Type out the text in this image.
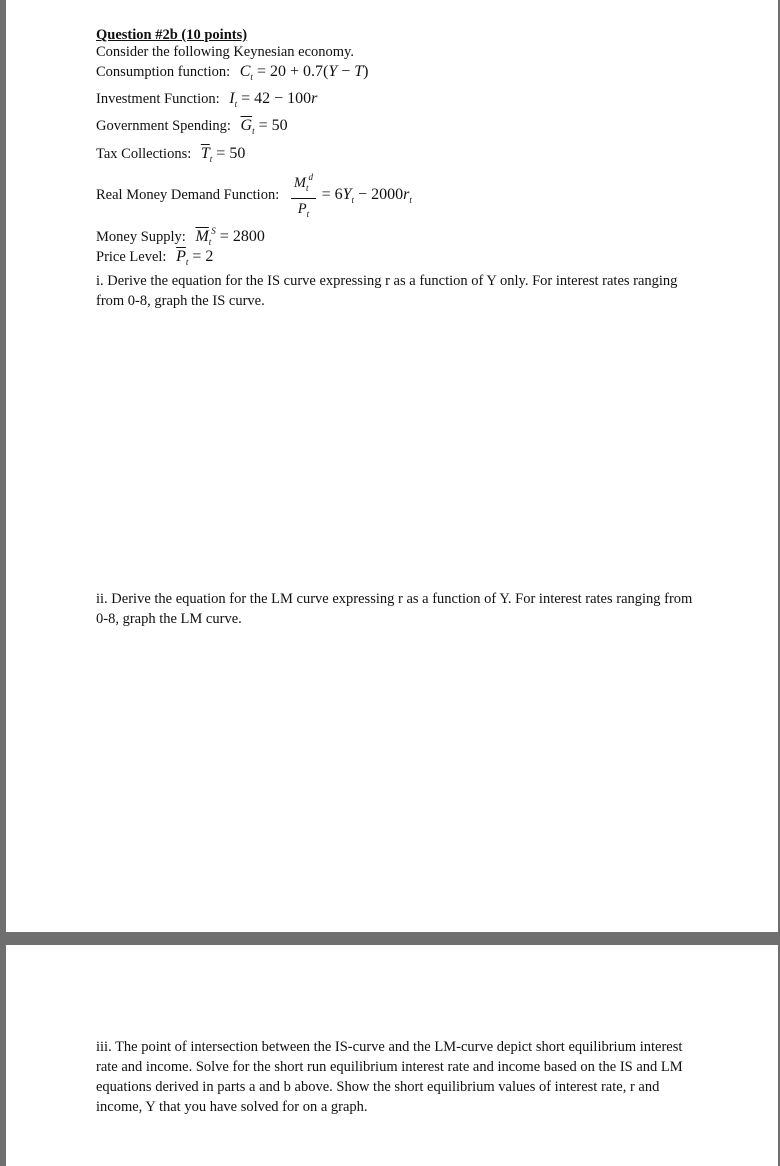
Question #2b (10 points)
Consider the following Keynesian economy.
Consumption function: $C_t = 20 + 0.7(Y - T)$
Investment Function: $I_t = 42 - 100r$
Government Spending: $\overline{G}_t = 50$
Tax Collections: $\overline{T}_t = 50$
Real Money Demand Function: $\frac{M_t^d}{P_t} = 6Y_t - 2000r_t$
Money Supply: $\overline{M}_t^S = 2800$
Price Level: $\overline{P}_t = 2$
i. Derive the equation for the IS curve expressing r as a function of Y only. For interest rates ranging from 0-8, graph the IS curve.
ii. Derive the equation for the LM curve expressing r as a function of Y. For interest rates ranging from 0-8, graph the LM curve.
iii. The point of intersection between the IS-curve and the LM-curve depict short equilibrium interest rate and income. Solve for the short run equilibrium interest rate and income based on the IS and LM equations derived in parts a and b above. Show the short equilibrium values of interest rate, r and income, Y that you have solved for on a graph.
